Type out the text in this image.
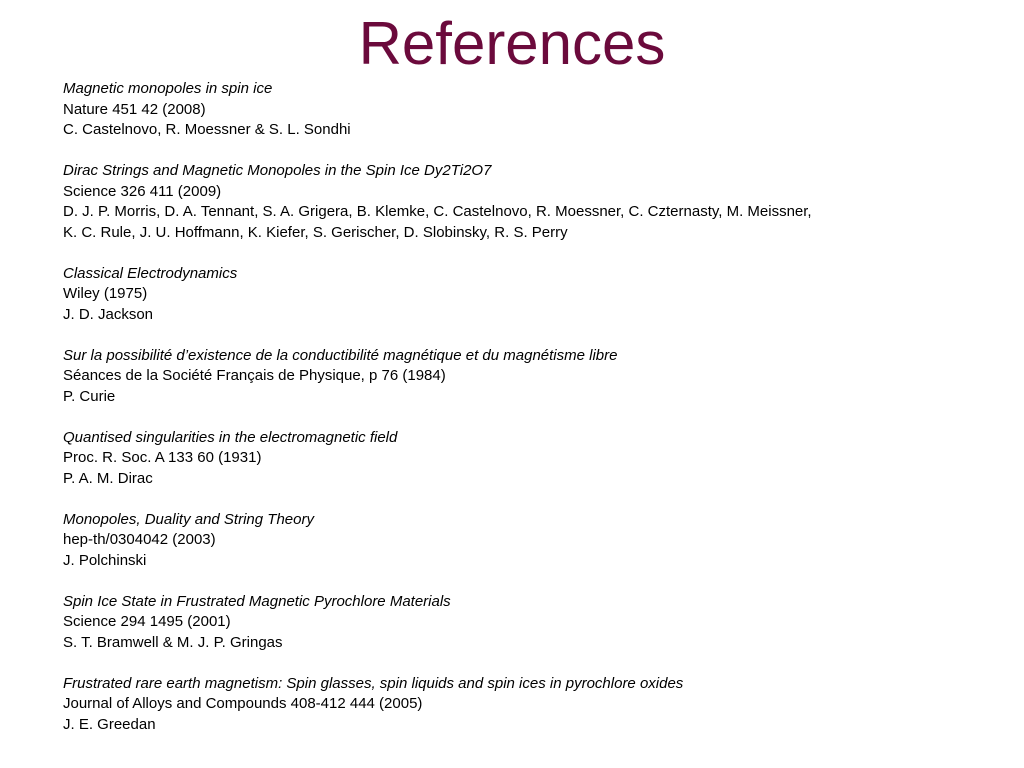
References
Magnetic monopoles in spin ice
Nature 451 42 (2008)
C. Castelnovo, R. Moessner & S. L. Sondhi
Dirac Strings and Magnetic Monopoles in the Spin Ice Dy2Ti2O7
Science 326 411 (2009)
D. J. P. Morris, D. A. Tennant, S. A. Grigera, B. Klemke, C. Castelnovo, R. Moessner, C. Czternasty, M. Meissner,
K. C. Rule, J. U. Hoffmann, K. Kiefer, S. Gerischer, D. Slobinsky, R. S. Perry
Classical Electrodynamics
Wiley (1975)
J. D. Jackson
Sur la possibilité d’existence de la conductibilité magnétique et du magnétisme libre
Séances de la Société Français de Physique, p 76 (1984)
P. Curie
Quantised singularities in the electromagnetic field
Proc. R. Soc. A 133 60 (1931)
P. A. M. Dirac
Monopoles, Duality and String Theory
hep-th/0304042 (2003)
J. Polchinski
Spin Ice State in Frustrated Magnetic Pyrochlore Materials
Science 294 1495 (2001)
S. T. Bramwell & M. J. P. Gringas
Frustrated rare earth magnetism: Spin glasses, spin liquids and spin ices in pyrochlore oxides
Journal of Alloys and Compounds 408-412 444 (2005)
J. E. Greedan
